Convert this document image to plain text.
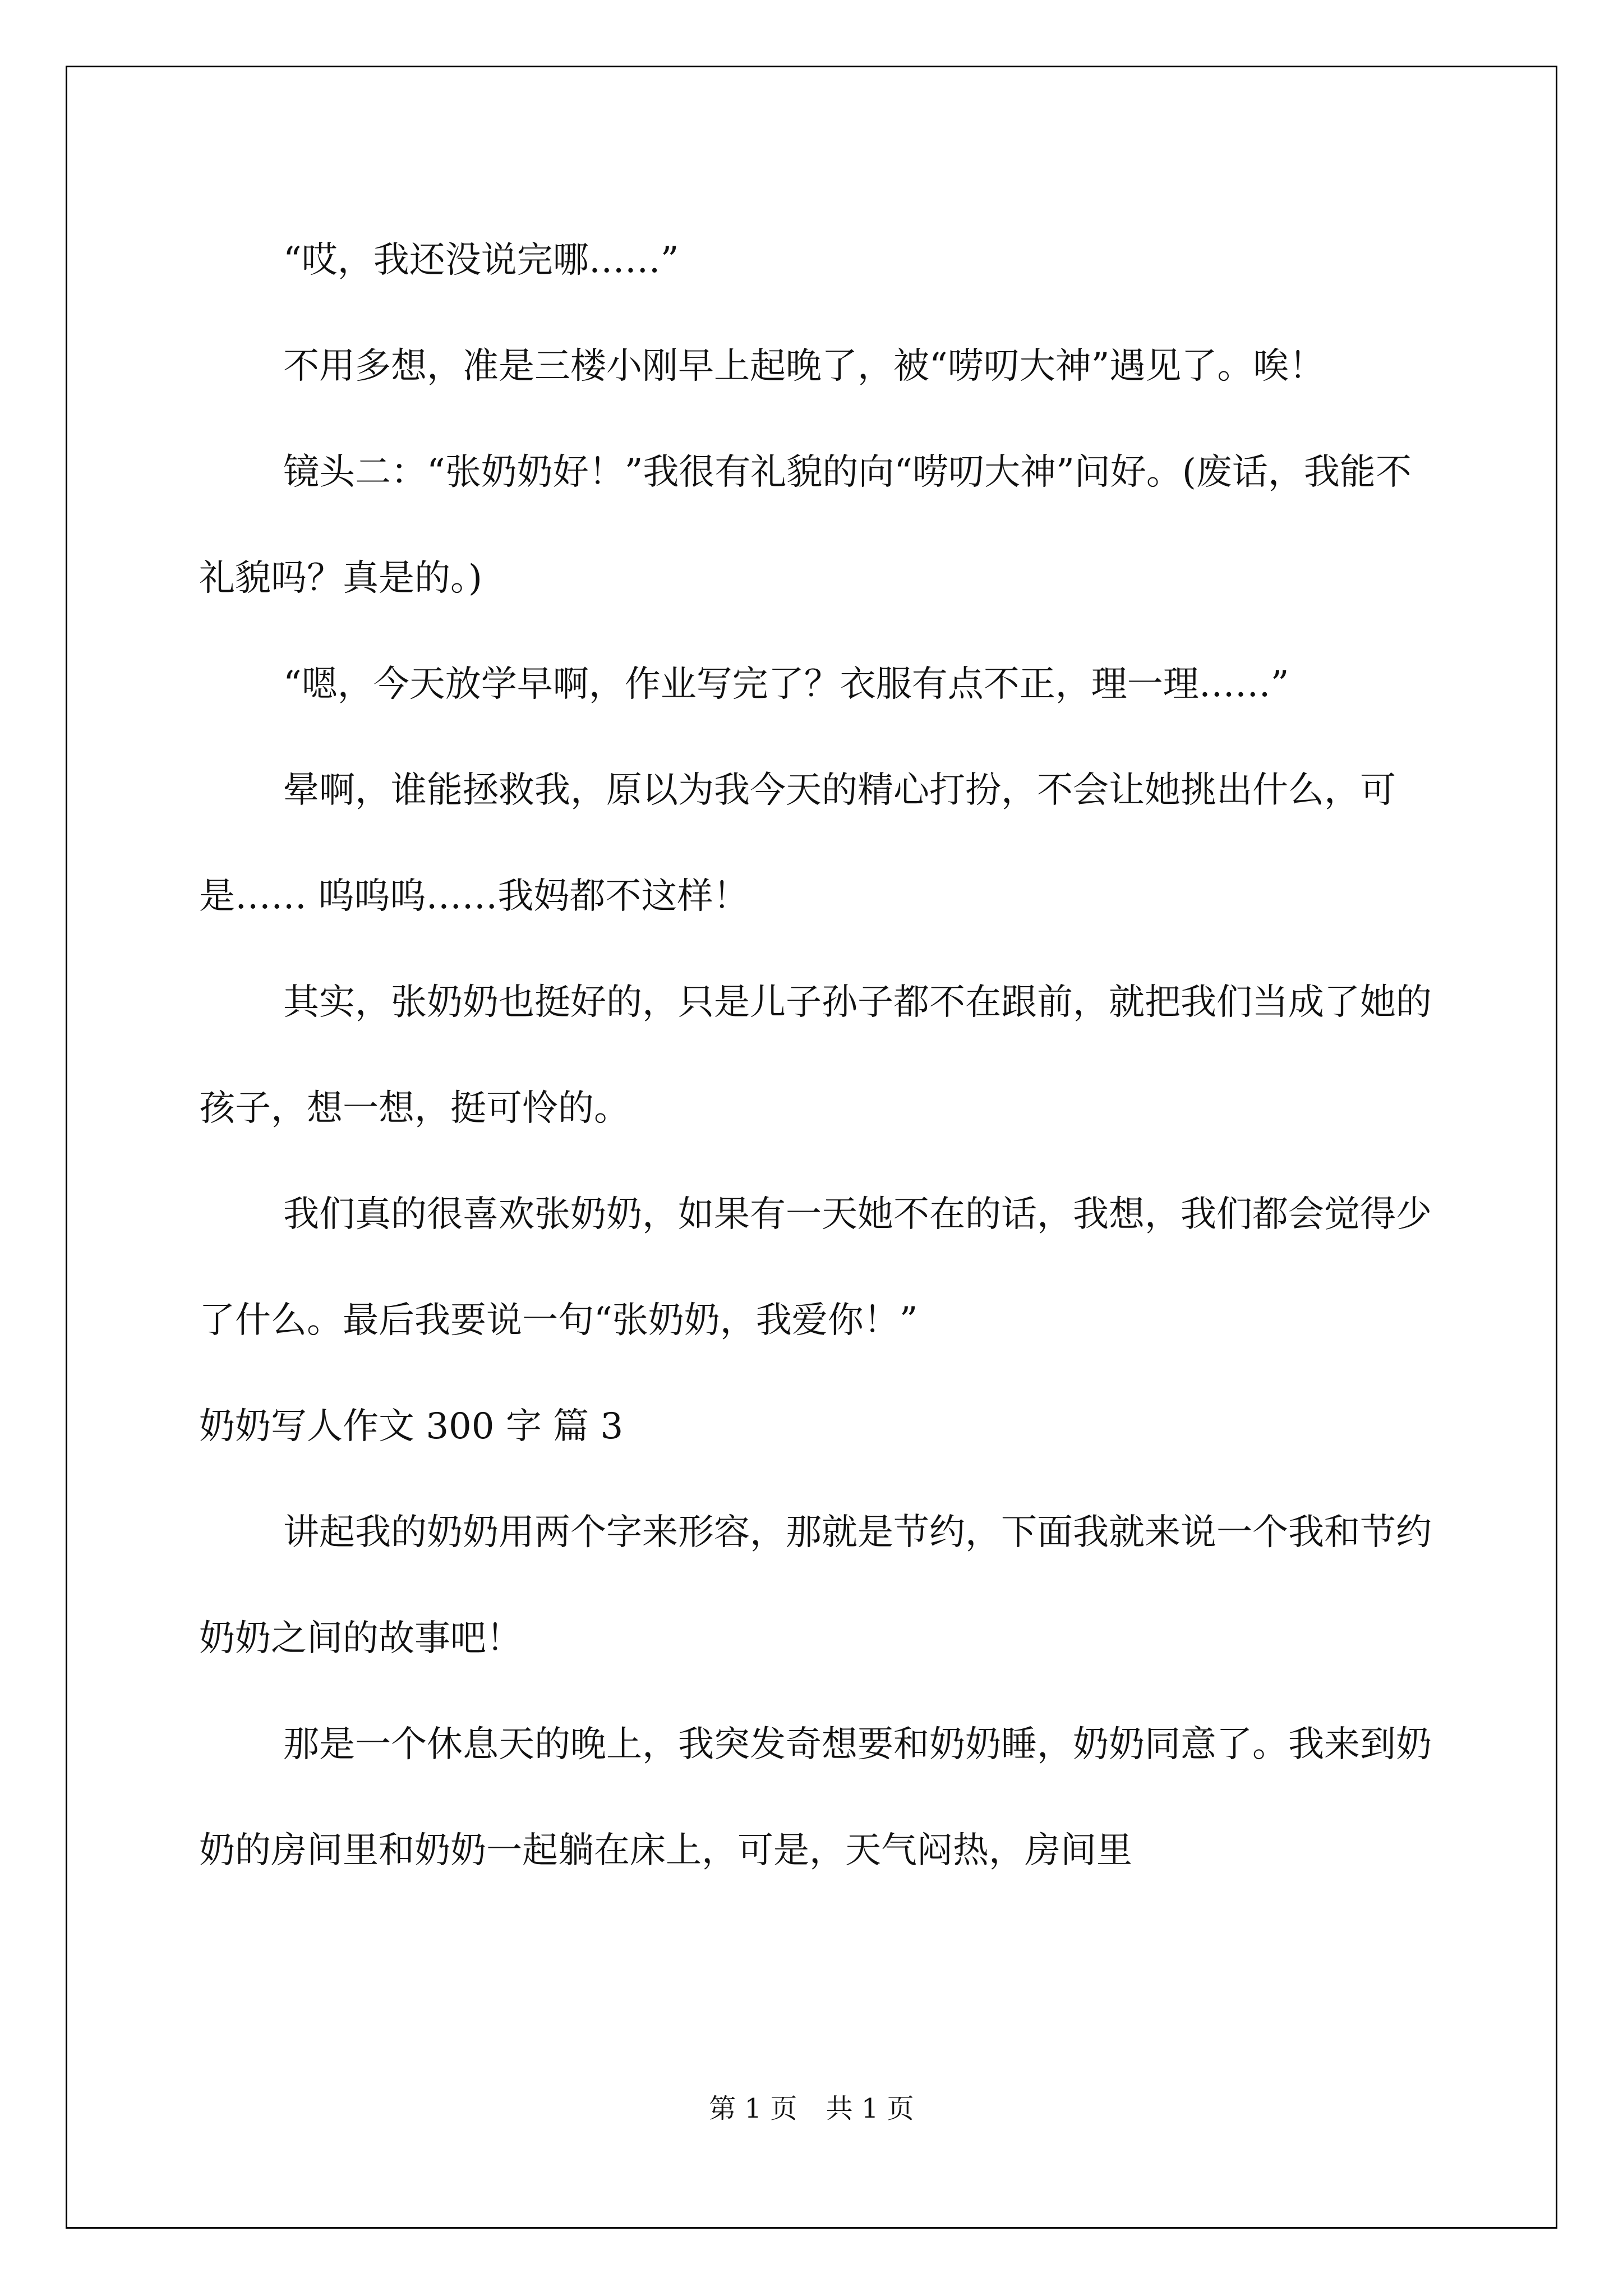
“哎，我还没说完哪……”

不用多想，准是三楼小刚早上起晚了，被“唠叨大神”遇见了。唉！

镜头二：“张奶奶好！”我很有礼貌的向“唠叨大神”问好。(废话，我能不礼貌吗？真是的。)

“嗯，今天放学早啊，作业写完了？衣服有点不正，理一理……”

晕啊，谁能拯救我，原以为我今天的精心打扮，不会让她挑出什么，可是…… 呜呜呜……我妈都不这样！

其实，张奶奶也挺好的，只是儿子孙子都不在跟前，就把我们当成了她的孩子，想一想，挺可怜的。

我们真的很喜欢张奶奶，如果有一天她不在的话，我想，我们都会觉得少了什么。最后我要说一句“张奶奶，我爱你！”

奶奶写人作文 300 字 篇 3

讲起我的奶奶用两个字来形容，那就是节约，下面我就来说一个我和节约奶奶之间的故事吧！

那是一个休息天的晚上，我突发奇想要和奶奶睡，奶奶同意了。我来到奶奶的房间里和奶奶一起躺在床上，可是，天气闷热，房间里

第 1 页 共 1 页
